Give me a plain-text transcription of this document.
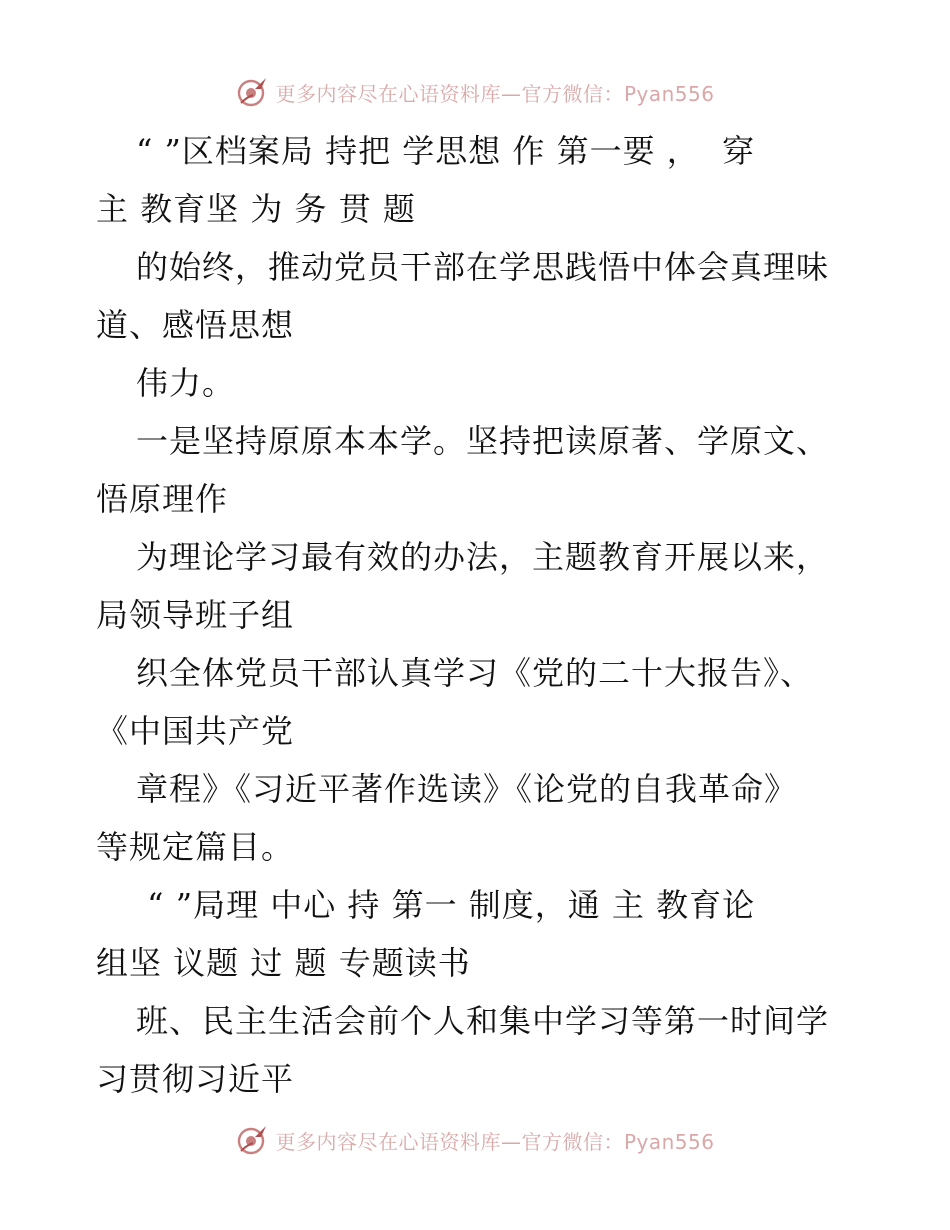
更多内容尽在心语资料库—官方微信：Pyan556
“ ”区档案局 持把 学思想 作 第一要 ，  穿
主 教育坚 为 务 贯 题
的始终，推动党员干部在学思践悟中体会真理味
道、感悟思想
伟力。
一是坚持原原本本学。坚持把读原著、学原文、
悟原理作
为理论学习最有效的办法，主题教育开展以来，
局领导班子组
织全体党员干部认真学习《党的二十大报告》、
《中国共产党
章程》《习近平著作选读》《论党的自我革命》
等规定篇目。
“ ”局理 中心 持 第一 制度，通 主 教育论
组坚 议题 过 题 专题读书
班、民主生活会前个人和集中学习等第一时间学
习贯彻习近平
更多内容尽在心语资料库—官方微信：Pyan556
